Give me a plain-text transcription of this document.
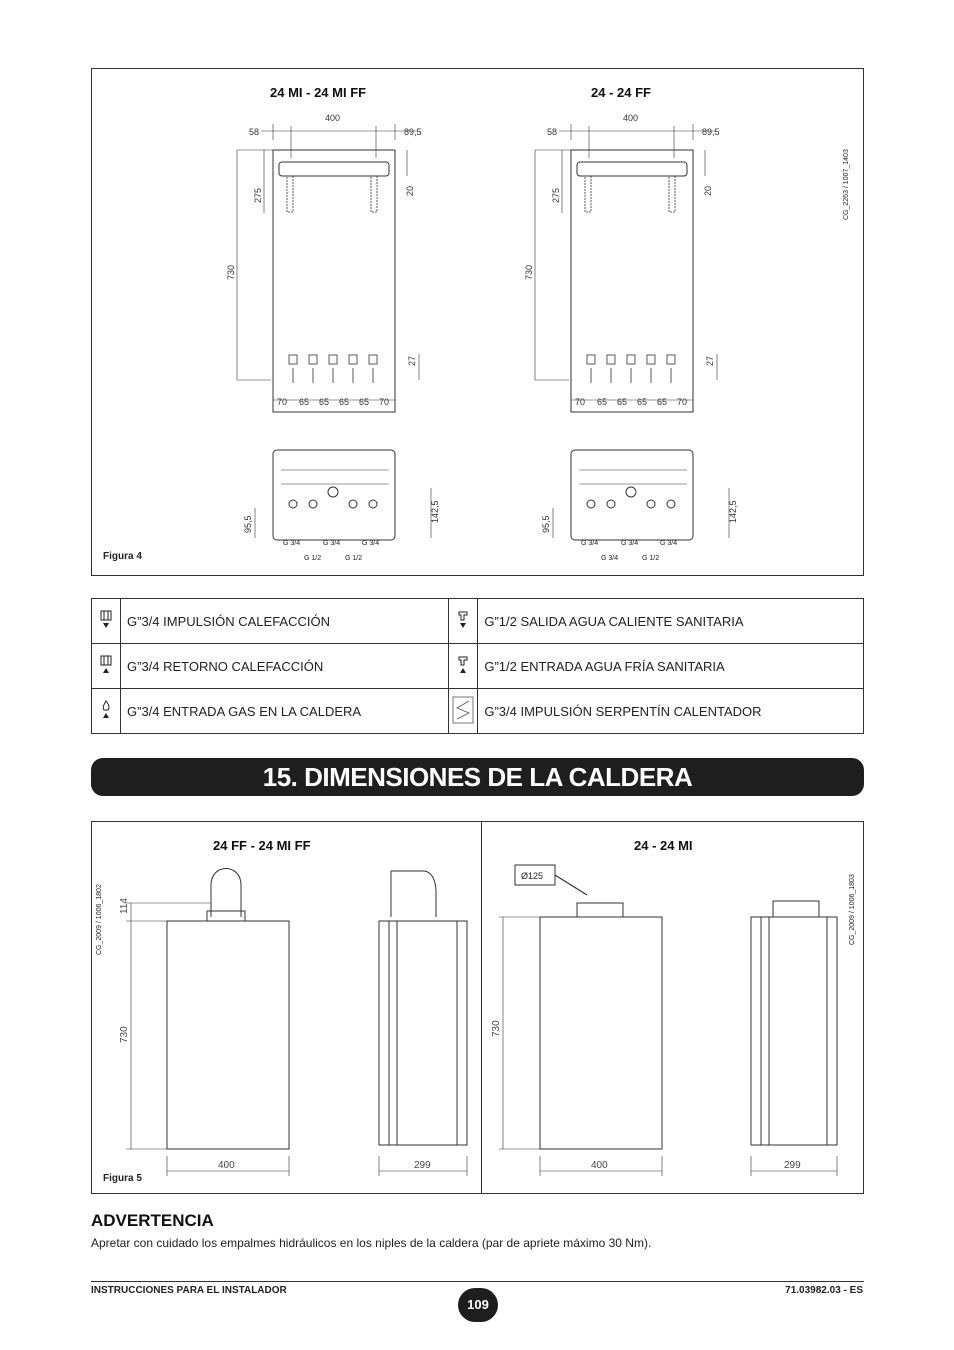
24 MI - 24 MI FF	24 - 24 FF
Figura 4
CG_2263 / 1007_1403
400
58	89,5
275	20
730
27
70 65 65 65 65 70
95,5
142,5
G 3/4	G 3/4	G 3/4
G 1/2	G 1/2
400
58	89,5
275	20
730
27
70 65 65 65 65 70
95,5
142,5
G 3/4	G 3/4	G 3/4
G 3/4	G 1/2
	G”3/4 IMPULSIÓN CALEFACCIÓN		G”1/2 SALIDA AGUA CALIENTE SANITARIA
	G”3/4 RETORNO CALEFACCIÓN		G”1/2 ENTRADA AGUA FRÍA SANITARIA
	G”3/4 ENTRADA GAS EN LA CALDERA		G”3/4 IMPULSIÓN SERPENTÍN CALENTADOR
15. DIMENSIONES DE LA CALDERA
24 FF - 24 MI FF	24 - 24 MI
Figura 5
CG_2009 / 1006_1802	CG_2009 / 1006_1803
114
730
400	299
730
400	299
Ø125
ADVERTENCIA
Apretar con cuidado los empalmes hidráulicos en los niples de la caldera (par de apriete máximo 30 Nm).
INSTRUCCIONES PARA EL INSTALADOR
109
71.03982.03 - ES
